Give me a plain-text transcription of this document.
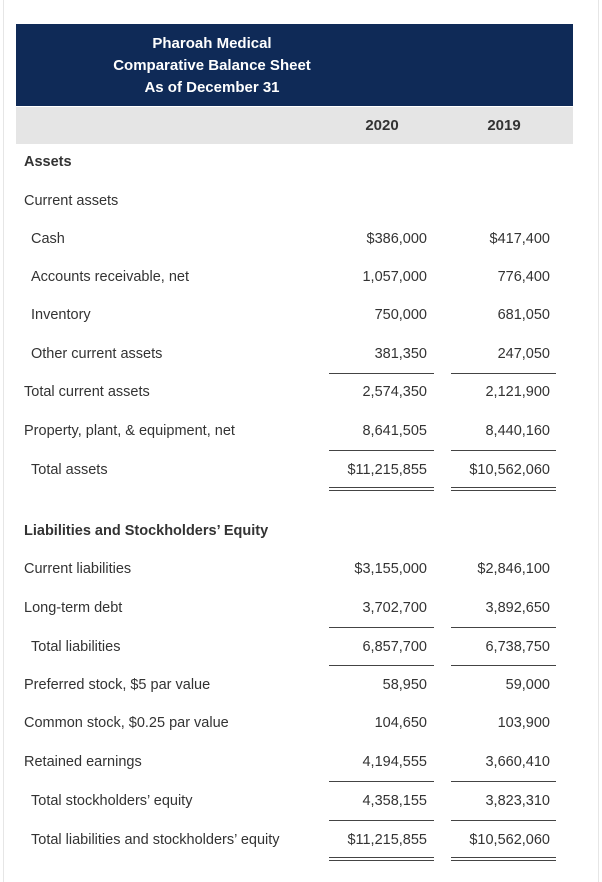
Pharoah Medical
Comparative Balance Sheet
As of December 31
2020	2019
Assets
Current assets
Cash	$386,000	$417,400
Accounts receivable, net	1,057,000	776,400
Inventory	750,000	681,050
Other current assets	381,350	247,050
Total current assets	2,574,350	2,121,900
Property, plant, & equipment, net	8,641,505	8,440,160
Total assets	$11,215,855	$10,562,060
Liabilities and Stockholders’ Equity
Current liabilities	$3,155,000	$2,846,100
Long-term debt	3,702,700	3,892,650
Total liabilities	6,857,700	6,738,750
Preferred stock, $5 par value	58,950	59,000
Common stock, $0.25 par value	104,650	103,900
Retained earnings	4,194,555	3,660,410
Total stockholders’ equity	4,358,155	3,823,310
Total liabilities and stockholders’ equity	$11,215,855	$10,562,060
